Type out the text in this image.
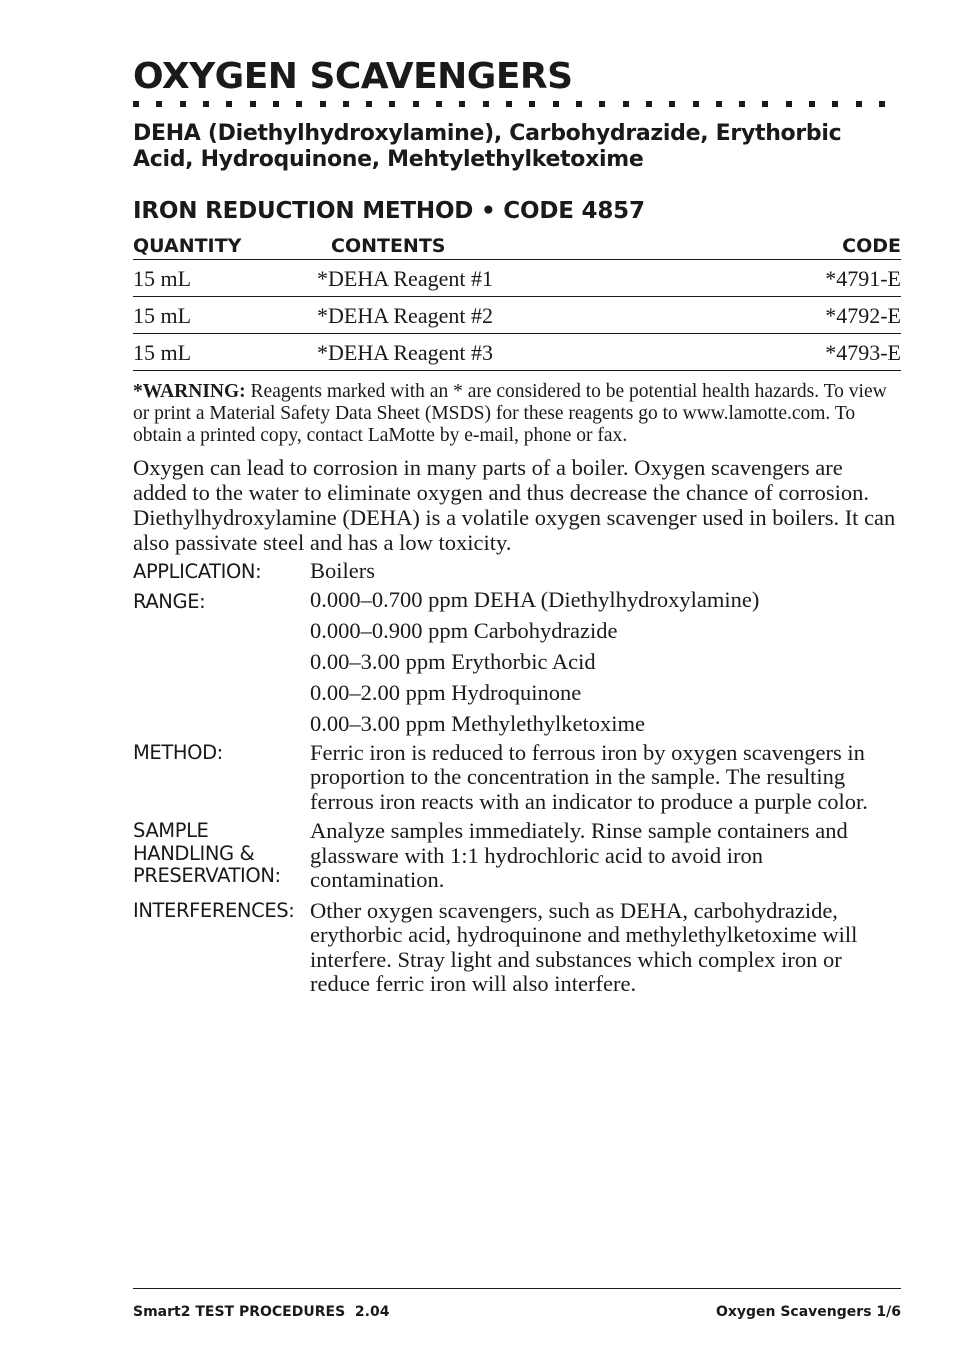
OXYGEN SCAVENGERS
DEHA (Diethylhydroxylamine), Carbohydrazide, Erythorbic Acid, Hydroquinone, Mehtylethylketoxime
IRON REDUCTION METHOD • CODE 4857
QUANTITY	CONTENTS	CODE
15 mL	*DEHA Reagent #1	*4791-E
15 mL	*DEHA Reagent #2	*4792-E
15 mL	*DEHA Reagent #3	*4793-E
*WARNING: Reagents marked with an * are considered to be potential health hazards. To view or print a Material Safety Data Sheet (MSDS) for these reagents go to www.lamotte.com. To obtain a printed copy, contact LaMotte by e-mail, phone or fax.
Oxygen can lead to corrosion in many parts of a boiler. Oxygen scavengers are added to the water to eliminate oxygen and thus decrease the chance of corrosion. Diethylhydroxylamine (DEHA) is a volatile oxygen scavenger used in boilers. It can also passivate steel and has a low toxicity.
APPLICATION:	Boilers
RANGE:	0.000–0.700 ppm DEHA (Diethylhydroxylamine)
0.000–0.900 ppm Carbohydrazide
0.00–3.00 ppm Erythorbic Acid
0.00–2.00 ppm Hydroquinone
0.00–3.00 ppm Methylethylketoxime
METHOD:	Ferric iron is reduced to ferrous iron by oxygen scavengers in proportion to the concentration in the sample. The resulting ferrous iron reacts with an indicator to produce a purple color.
SAMPLE
HANDLING &
PRESERVATION:
Analyze samples immediately. Rinse sample containers and glassware with 1:1 hydrochloric acid to avoid iron contamination.
INTERFERENCES: Other oxygen scavengers, such as DEHA, carbohydrazide, erythorbic acid, hydroquinone and methylethylketoxime will interfere. Stray light and substances which complex iron or reduce ferric iron will also interfere.
Smart2 TEST PROCEDURES  2.04	Oxygen Scavengers 1/6
